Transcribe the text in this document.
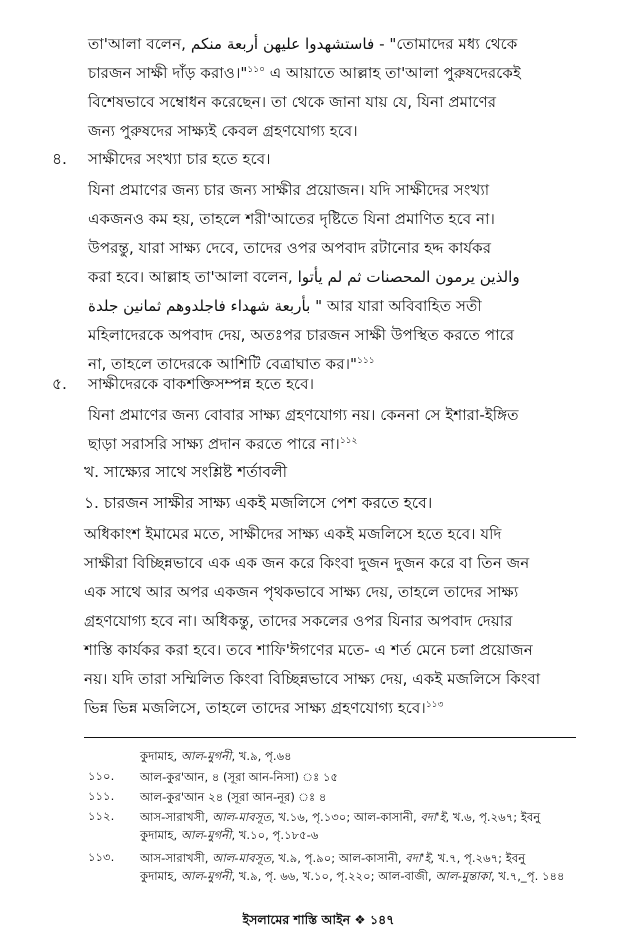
তা'আলা বলেন, فاستشهدوا عليهن أربعة منكم - "তোমাদের মধ্য থেকে
চারজন সাক্ষী দাঁড় করাও।"$^{১১০}$ এ আয়াতে আল্লাহ তা'আলা পুরুষদেরকেই
বিশেষভাবে সম্বোধন করেছেন। তা থেকে জানা যায় যে, যিনা প্রমাণের
জন্য পুরুষদের সাক্ষ্যই কেবল গ্রহণযোগ্য হবে।
৪. সাক্ষীদের সংখ্যা চার হতে হবে।
যিনা প্রমাণের জন্য চার জন্য সাক্ষীর প্রয়োজন। যদি সাক্ষীদের সংখ্যা
একজনও কম হয়, তাহলে শরী'আতের দৃষ্টিতে যিনা প্রমাণিত হবে না।
উপরন্তু, যারা সাক্ষ্য দেবে, তাদের ওপর অপবাদ রটানোর হদ্দ কার্যকর
করা হবে। আল্লাহ তা'আলা বলেন, والذين يرمون المحصنات ثم لم يأتوا
بأربعة شهداء فاجلدوهم ثمانين جلدة " আর যারা অবিবাহিত সতী
মহিলাদেরকে অপবাদ দেয়, অতঃপর চারজন সাক্ষী উপস্থিত করতে পারে
না, তাহলে তাদেরকে আশিটি বেত্রাঘাত কর।"$^{১১১}$
৫. সাক্ষীদেরকে বাকশক্তিসম্পন্ন হতে হবে।
যিনা প্রমাণের জন্য বোবার সাক্ষ্য গ্রহণযোগ্য নয়। কেননা সে ইশারা-ইঙ্গিত
ছাড়া সরাসরি সাক্ষ্য প্রদান করতে পারে না।$^{১১২}$
খ. সাক্ষ্যের সাথে সংশ্লিষ্ট শর্তাবলী
১. চারজন সাক্ষীর সাক্ষ্য একই মজলিসে পেশ করতে হবে।
অধিকাংশ ইমামের মতে, সাক্ষীদের সাক্ষ্য একই মজলিসে হতে হবে। যদি
সাক্ষীরা বিচ্ছিন্নভাবে এক এক জন করে কিংবা দুজন দুজন করে বা তিন জন
এক সাথে আর অপর একজন পৃথকভাবে সাক্ষ্য দেয়, তাহলে তাদের সাক্ষ্য
গ্রহণযোগ্য হবে না। অধিকন্তু, তাদের সকলের ওপর যিনার অপবাদ দেয়ার
শাস্তি কার্যকর করা হবে। তবে শাফি'ঈগণের মতে- এ শর্ত মেনে চলা প্রয়োজন
নয়। যদি তারা সম্মিলিত কিংবা বিচ্ছিন্নভাবে সাক্ষ্য দেয়, একই মজলিসে কিংবা
ভিন্ন ভিন্ন মজলিসে, তাহলে তাদের সাক্ষ্য গ্রহণযোগ্য হবে।$^{১১৩}$
কুদামাহ, আল-মুগনী, খ.৯, পৃ.৬৪
১১০.	আল-কুর'আন, ৪ (সূরা আন-নিসা) ঃ ১৫
১১১.	আল-কুর'আন ২৪ (সূরা আন-নূর) ঃ ৪
১১২.	আস-সারাখসী, আল-মাবসূত, খ.১৬, পৃ.১৩০; আল-কাসানী, বদা'ই, খ.৬, পৃ.২৬৭; ইবনু
কুদামাহ, আল-মুগনী, খ.১০, পৃ.১৮৫-৬
১১৩.	আস-সারাখসী, আল-মাবসূত, খ.৯, পৃ.৯০; আল-কাসানী, বদা'ই, খ.৭, পৃ.২৬৭; ইবনু
কুদামাহ, আল-মুগনী, খ.৯, পৃ. ৬৬, খ.১০, পৃ.২২০; আল-বাজী, আল-মুন্তাকা, খ.৭,_পৃ. ১৪৪
ইসলামের শাস্তি আইন ❖ ১৪৭
